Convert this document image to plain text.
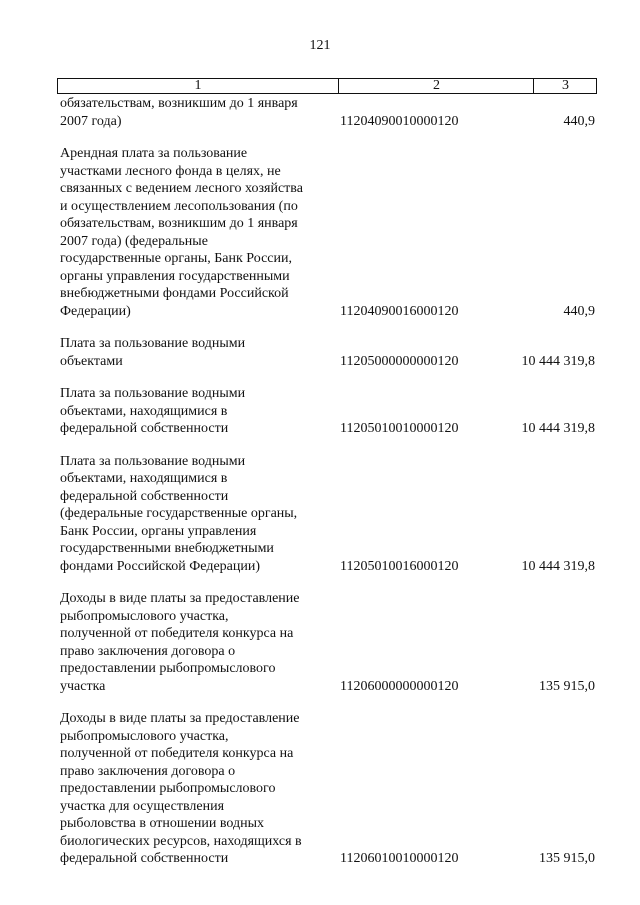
121
1	2	3
обязательствам, возникшим до 1 января
2007 года)	11204090010000120	440,9
Арендная плата за пользование
участками лесного фонда в целях, не
связанных с ведением лесного хозяйства
и осуществлением лесопользования (по
обязательствам, возникшим до 1 января
2007 года) (федеральные
государственные органы, Банк России,
органы управления государственными
внебюджетными фондами Российской
Федерации)	11204090016000120	440,9
Плата за пользование водными
объектами	11205000000000120	10 444 319,8
Плата за пользование водными
объектами, находящимися в
федеральной собственности	11205010010000120	10 444 319,8
Плата за пользование водными
объектами, находящимися в
федеральной собственности
(федеральные государственные органы,
Банк России, органы управления
государственными внебюджетными
фондами Российской Федерации)	11205010016000120	10 444 319,8
Доходы в виде платы за предоставление
рыбопромыслового участка,
полученной от победителя конкурса на
право заключения договора о
предоставлении рыбопромыслового
участка	11206000000000120	135 915,0
Доходы в виде платы за предоставление
рыбопромыслового участка,
полученной от победителя конкурса на
право заключения договора о
предоставлении рыбопромыслового
участка для осуществления
рыболовства в отношении водных
биологических ресурсов, находящихся в
федеральной собственности	11206010010000120	135 915,0
